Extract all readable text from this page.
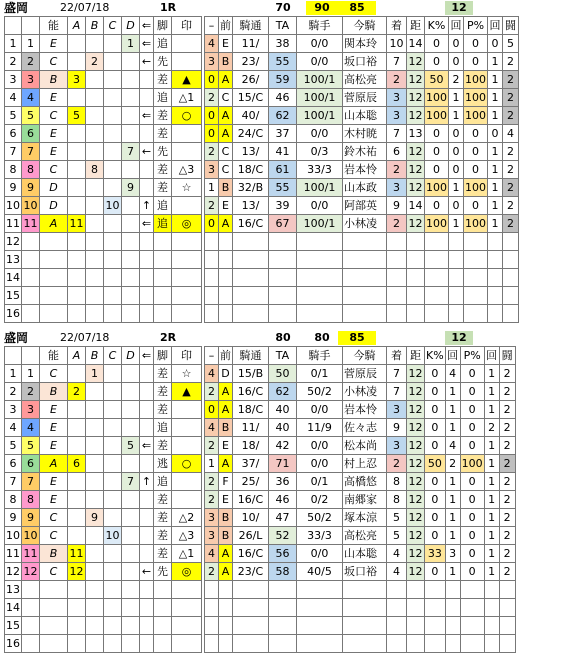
盛岡	22/07/18	1R	70	90	85	12
		能	A	B	C	D	⇐	脚	印		–	前	騎通	TA	騎手	今騎	着	距	K%	回	P%	回	闘
1	1	E				1	⇐	追			4	E	11/	38	0/0	関本玲	10	14	0	0	0	0	5
2	2	C		2			←	先			3	B	23/	55	0/0	坂口裕	7	12	0	0	0	1	2
3	3	B	3					差	▲		0	A	26/	59	100/1	高松亮	2	12	50	2	100	1	2
4	4	E						追	△1		2	C	15/C	46	100/1	菅原辰	3	12	100	1	100	1	2
5	5	C	5				⇐	差	○		0	A	40/	62	100/1	山本聡	3	12	100	1	100	1	2
6	6	E						差			0	A	24/C	37	0/0	木村暁	7	13	0	0	0	0	4
7	7	E				7	←	先			2	C	13/	41	0/3	鈴木祐	6	12	0	0	0	1	2
8	8	C		8				差	△3		3	C	18/C	61	33/3	岩本怜	2	12	0	0	0	1	2
9	9	D				9		差	☆		1	B	32/B	55	100/1	山本政	3	12	100	1	100	1	2
10	10	D			10		↑	追			2	E	13/	39	0/0	阿部英	9	14	0	0	0	1	2
11	11	A	11				⇐	追	◎		0	A	16/C	67	100/1	小林凌	2	12	100	1	100	1	2
12																							
13																							
14																							
15																							
16																							
盛岡	22/07/18	2R	80	80	85	12
		能	A	B	C	D	⇐	脚	印		–	前	騎通	TA	騎手	今騎	着	距	K%	回	P%	回	闘
1	1	C		1				差	☆		4	D	15/B	50	0/1	菅原辰	7	12	0	4	0	1	2
2	2	B	2					差	▲		2	A	16/C	62	50/2	小林凌	7	12	0	1	0	1	2
3	3	E						差			0	A	18/C	40	0/0	岩本怜	3	12	0	1	0	1	2
4	4	E						追			4	B	11/	40	11/9	佐々志	9	12	0	1	0	2	2
5	5	E				5	⇐	差			2	E	18/	42	0/0	松本尚	3	12	0	4	0	1	2
6	6	A	6					逃	○		1	A	37/	71	0/0	村上忍	2	12	50	2	100	1	2
7	7	E				7	↑	追			2	F	25/	36	0/1	高橋悠	8	12	0	1	0	1	2
8	8	E						差			2	E	16/C	46	0/2	南郷家	8	12	0	1	0	1	2
9	9	C		9				差	△2		3	B	10/	47	50/2	塚本涼	5	12	0	1	0	1	2
10	10	C			10			差	△3		3	B	26/L	52	33/3	高松亮	5	12	0	1	0	1	2
11	11	B	11					差	△1		4	A	16/C	56	0/0	山本聡	4	12	33	3	0	1	2
12	12	C	12				←	先	◎		2	A	23/C	58	40/5	坂口裕	4	12	0	1	0	1	2
13																							
14																							
15																							
16																							
